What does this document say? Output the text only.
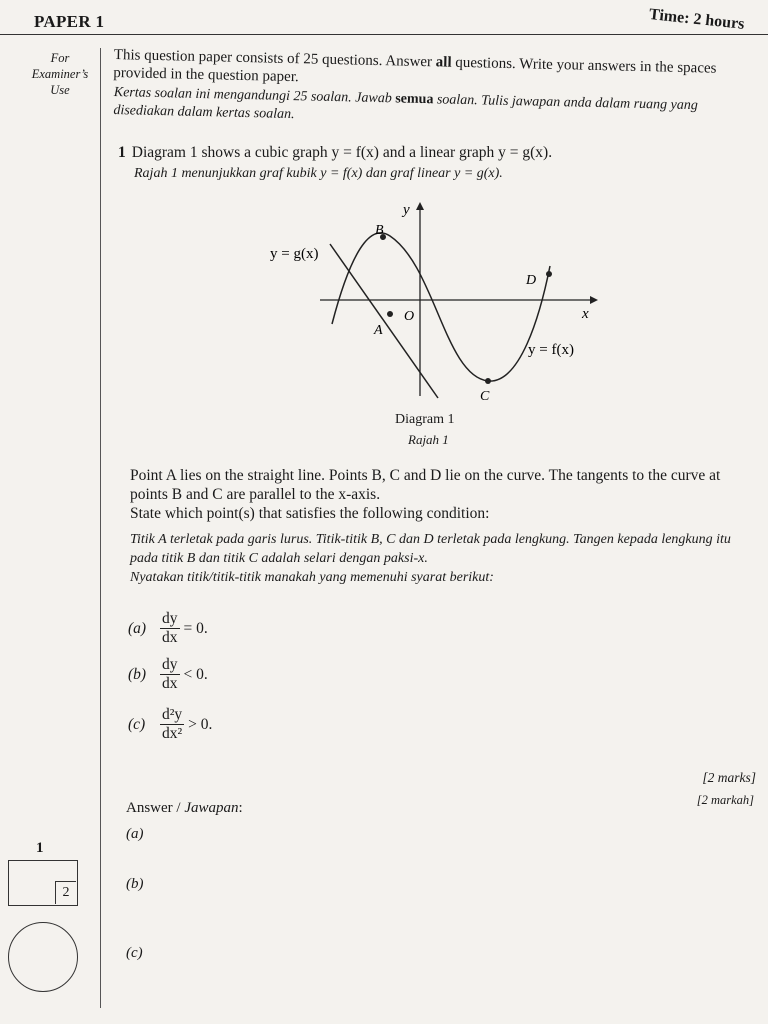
PAPER 1	Time: 2 hours
For
Examiner’s
Use
This question paper consists of 25 questions. Answer all questions. Write your answers in the spaces provided in the question paper.
Kertas soalan ini mengandungi 25 soalan. Jawab semua soalan. Tulis jawapan anda dalam ruang yang disediakan dalam kertas soalan.
1 Diagram 1 shows a cubic graph y = f(x) and a linear graph y = g(x).
Rajah 1 menunjukkan graf kubik y = f(x) dan graf linear y = g(x).
y
x
O
y = g(x)
y = f(x)
A
B
C
D
Diagram 1
Rajah 1

Point A lies on the straight line. Points B, C and D lie on the curve. The tangents to the curve at points B and C are parallel to the x-axis.

State which point(s) that satisfies the following condition:

Titik A terletak pada garis lurus. Titik-titik B, C dan D terletak pada lengkung. Tangen kepada lengkung itu pada titik B dan titik C adalah selari dengan paksi-x.

Nyatakan titik/titik-titik manakah yang memenuhi syarat berikut:

$(a) \frac{dy}{dx} = 0$.
$(b) \frac{dy}{dx} < 0$.
$(c) \frac{\text{d²y}}{\text{dx²}} > 0$.
[2 marks]
[2 markah]
Answer / Jawapan:
(a)
(b)
(c)
1
2
